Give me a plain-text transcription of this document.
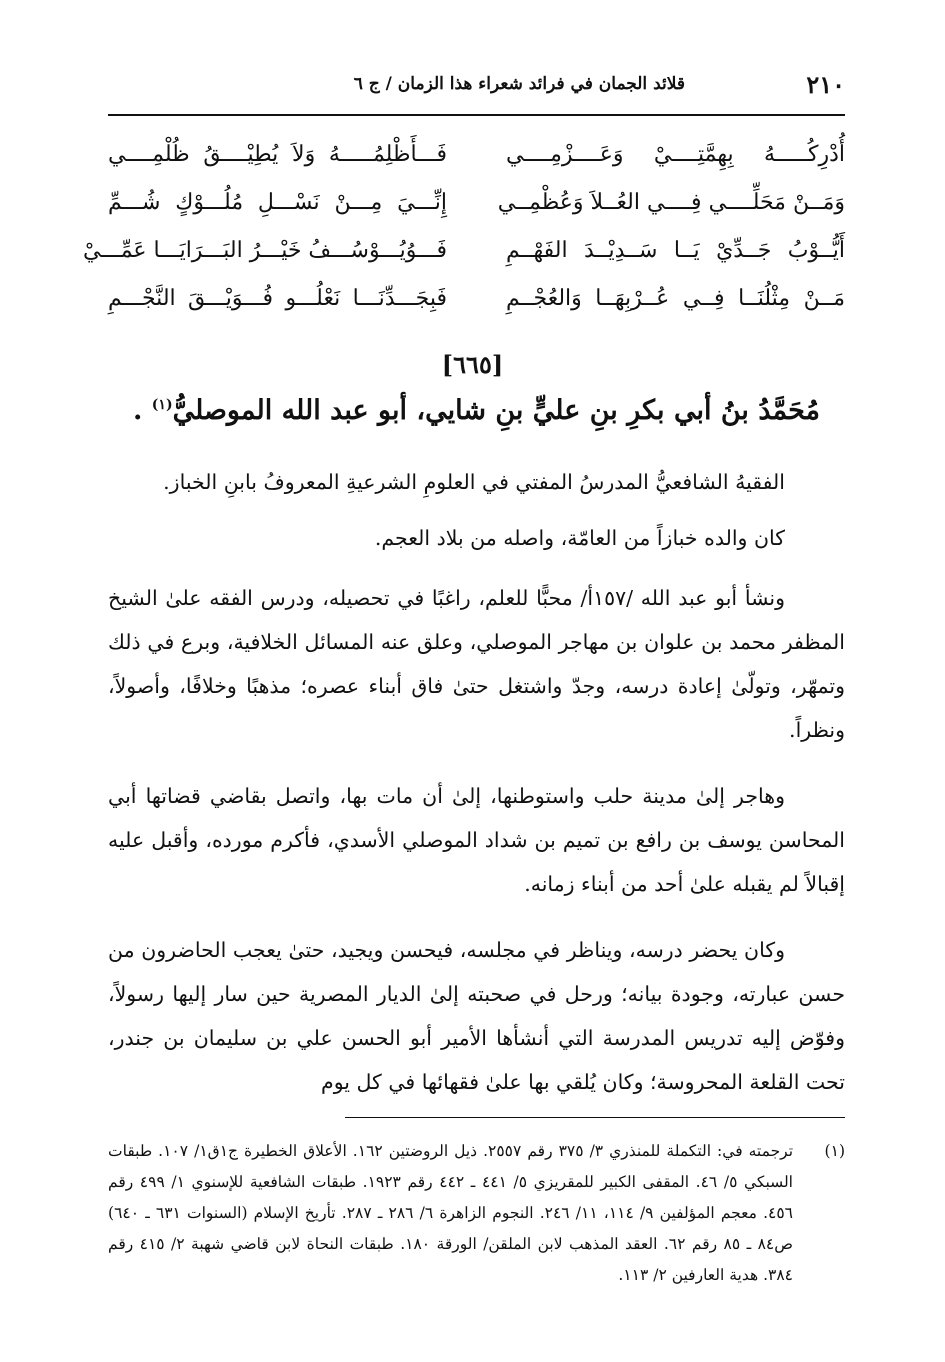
٢١٠
قلائد الجمان في فرائد شعراء هذا الزمان / ج ٦
أُدْرِكُـــــهُ بِهِمَّتِــــيْ وَعَــــزْمِــــي
فَـــأَظْلِمُـــــهُ وَلاَ يُطِيْــــقُ ظُلْمِــــي
وَمَــنْ مَحَلِّــــي فِــــي العُــلاَ وَعُظْمِــي
إِنِّـــيَ مِـــنْ نَسْـــلِ مُلُـــوْكٍ شُـــمِّ
أَيُّــوْبُ جَــدِّيْ يَــا سَــدِيْــدَ الفَهْــمِ
فَـــوُيُـــوْسُـــفُ خَيْـــرُ البَـــرَايَـــا عَمِّـــيْ
مَــنْ مِثْلُنَــا فِــي عُــرْبِهَــا وَالعُجْــمِ
فَبِجَـــدِّنَـــا نَعْلُـــو فُـــوَيْـــقَ النَّجْـــمِ
[٦٦٥]
مُحَمَّدُ بنُ أبي بكرِ بنِ عليٍّ بنِ شايي، أبو عبد الله الموصليُّ$^{(١)}$ .

الفقيهُ الشافعيُّ المدرسُ المفتي في العلومِ الشرعيةِ المعروفُ بابنِ الخباز.

كان والده خبازاً من العامّة، واصله من بلاد العجم.

ونشأ أبو عبد الله /١٥٧أ/ محبًّا للعلم، راغبًا في تحصيله، ودرس الفقه علىٰ الشيخ المظفر محمد بن علوان بن مهاجر الموصلي، وعلق عنه المسائل الخلافية، وبرع في ذلك وتمهّر، وتولّىٰ إعادة درسه، وجدّ واشتغل حتىٰ فاق أبناء عصره؛ مذهبًا وخلافًا، وأصولاً، ونظراً.

وهاجر إلىٰ مدينة حلب واستوطنها، إلىٰ أن مات بها، واتصل بقاضي قضاتها أبي المحاسن يوسف بن رافع بن تميم بن شداد الموصلي الأسدي، فأكرم مورده، وأقبل عليه إقبالاً لم يقبله علىٰ أحد من أبناء زمانه.

وكان يحضر درسه، ويناظر في مجلسه، فيحسن ويجيد، حتىٰ يعجب الحاضرون من حسن عبارته، وجودة بيانه؛ ورحل في صحبته إلىٰ الديار المصرية حين سار إليها رسولاً، وفوّض إليه تدريس المدرسة التي أنشأها الأمير أبو الحسن علي بن سليمان بن جندر، تحت القلعة المحروسة؛ وكان يُلقي بها علىٰ فقهائها في كل يوم

(١)
ترجمته في: التكملة للمنذري ٣/ ٣٧٥ رقم ٢٥٥٧. ذيل الروضتين ١٦٢. الأعلاق الخطيرة ج١ق١/ ١٠٧. طبقات السبكي ٥/ ٤٦. المقفى الكبير للمقريزي ٥/ ٤٤١ ـ ٤٤٢ رقم ١٩٢٣. طبقات الشافعية للإسنوي ١/ ٤٩٩ رقم ٤٥٦. معجم المؤلفين ٩/ ١١٤، ١١/ ٢٤٦. النجوم الزاهرة ٦/ ٢٨٦ ـ ٢٨٧. تأريخ الإسلام (السنوات ٦٣١ ـ ٦٤٠) ص٨٤ ـ ٨٥ رقم ٦٢. العقد المذهب لابن الملقن/ الورقة ١٨٠. طبقات النحاة لابن قاضي شهبة ٢/ ٤١٥ رقم ٣٨٤. هدية العارفين ٢/ ١١٣.
